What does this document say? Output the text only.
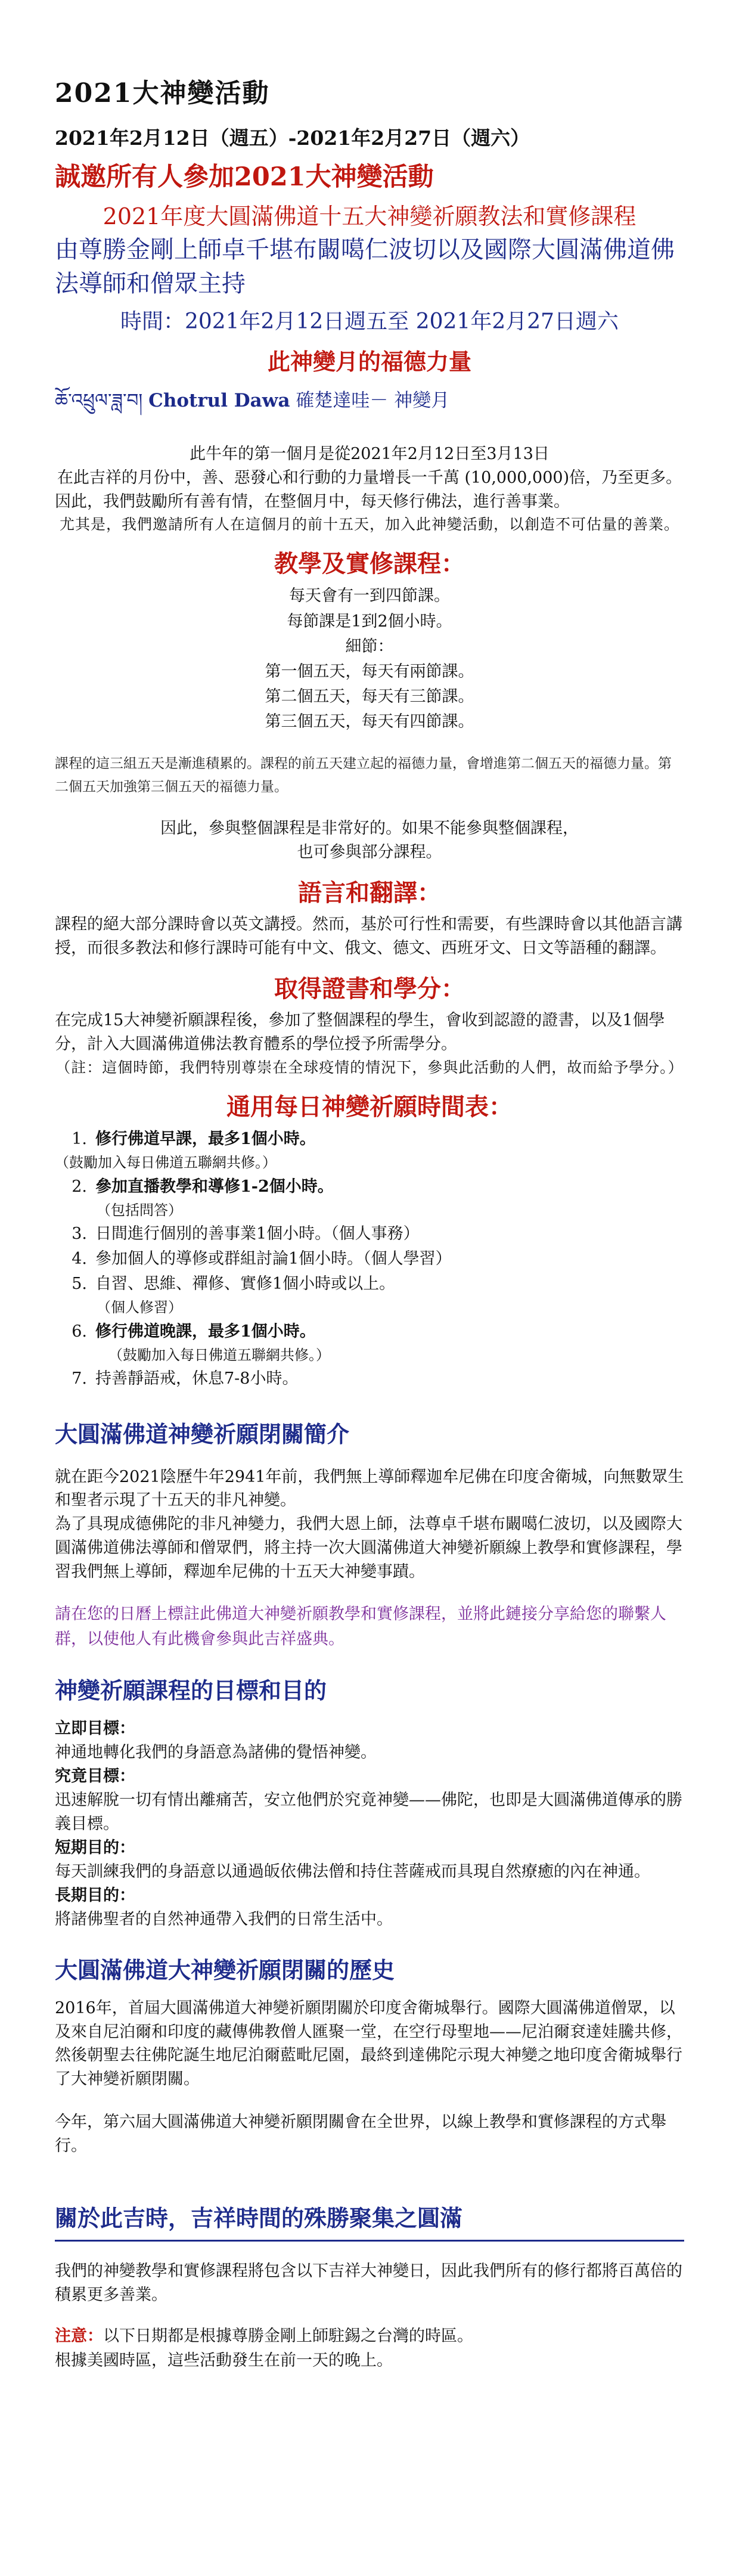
2021大神變活動

2021年2月12日（週五）-2021年2月27日（週六）

誠邀所有人參加2021大神變活動

2021年度大圓滿佛道十五大神變祈願教法和實修課程

由尊勝金剛上師卓千堪布闞噶仁波切以及國際大圓滿佛道佛法導師和僧眾主持

時間：2021年2月12日週五至 2021年2月27日週六

此神變月的福德力量

ཆོ་འཕྲུལ་ཟླ་བ། Chotrul Dawa 確楚達哇－ 神變月

此牛年的第一個月是從2021年2月12日至3月13日

在此吉祥的月份中，善、惡發心和行動的力量增長一千萬 (10,000,000)倍，乃至更多。

因此，我們鼓勵所有善有情，在整個月中，每天修行佛法，進行善事業。

尤其是，我們邀請所有人在這個月的前十五天，加入此神變活動，以創造不可估量的善業。

教學及實修課程：

每天會有一到四節課。

每節課是1到2個小時。

細節：

第一個五天，每天有兩節課。

第二個五天，每天有三節課。

第三個五天，每天有四節課。

課程的這三組五天是漸進積累的。課程的前五天建立起的福德力量，會增進第二個五天的福德力量。第二個五天加強第三個五天的福德力量。

因此，參與整個課程是非常好的。如果不能參與整個課程，

也可參與部分課程。

語言和翻譯：

課程的絕大部分課時會以英文講授。然而，基於可行性和需要，有些課時會以其他語言講授，而很多教法和修行課時可能有中文、俄文、德文、西班牙文、日文等語種的翻譯。

取得證書和學分：

在完成15大神變祈願課程後，參加了整個課程的學生，會收到認證的證書，以及1個學分，計入大圓滿佛道佛法教育體系的學位授予所需學分。

（註：這個時節，我們特別尊崇在全球疫情的情況下，參與此活動的人們，故而給予學分。）

通用每日神變祈願時間表：

1. 修行佛道早課，最多1個小時。
（鼓勵加入每日佛道五聯網共修。）
2. 參加直播教學和導修1-2個小時。
（包括問答）
3. 日間進行個別的善事業1個小時。（個人事務）
4. 參加個人的導修或群組討論1個小時。（個人學習）
5. 自習、思維、禪修、實修1個小時或以上。
（個人修習）
6. 修行佛道晚課，最多1個小時。
（鼓勵加入每日佛道五聯網共修。）
7. 持善靜語戒，休息7-8小時。

大圓滿佛道神變祈願閉關簡介

就在距今2021陰歷牛年2941年前，我們無上導師釋迦牟尼佛在印度舍衛城，向無數眾生和聖者示現了十五天的非凡神變。

為了具現成德佛陀的非凡神變力，我們大恩上師，法尊卓千堪布闞噶仁波切，以及國際大圓滿佛道佛法導師和僧眾們，將主持一次大圓滿佛道大神變祈願線上教學和實修課程，學習我們無上導師，釋迦牟尼佛的十五天大神變事蹟。

請在您的日曆上標註此佛道大神變祈願教學和實修課程，並將此鏈接分享給您的聯繫人群，以使他人有此機會參與此吉祥盛典。

神變祈願課程的目標和目的

立即目標：

神通地轉化我們的身語意為諸佛的覺悟神變。

究竟目標：

迅速解脫一切有情出離痛苦，安立他們於究竟神變——佛陀，也即是大圓滿佛道傳承的勝義目標。

短期目的：

每天訓練我們的身語意以通過皈依佛法僧和持住菩薩戒而具現自然療癒的內在神通。

長期目的：

將諸佛聖者的自然神通帶入我們的日常生活中。

大圓滿佛道大神變祈願閉關的歷史

2016年，首屆大圓滿佛道大神變祈願閉關於印度舍衛城舉行。國際大圓滿佛道僧眾，以及來自尼泊爾和印度的藏傳佛教僧人匯聚一堂，在空行母聖地——尼泊爾袞達娃騰共修，然後朝聖去往佛陀誕生地尼泊爾藍毗尼園，最終到達佛陀示現大神變之地印度舍衛城舉行了大神變祈願閉關。

今年，第六屆大圓滿佛道大神變祈願閉關會在全世界，以線上教學和實修課程的方式舉行。

關於此吉時，吉祥時間的殊勝聚集之圓滿

我們的神變教學和實修課程將包含以下吉祥大神變日，因此我們所有的修行都將百萬倍的積累更多善業。

注意：以下日期都是根據尊勝金剛上師駐錫之台灣的時區。

根據美國時區，這些活動發生在前一天的晚上。
